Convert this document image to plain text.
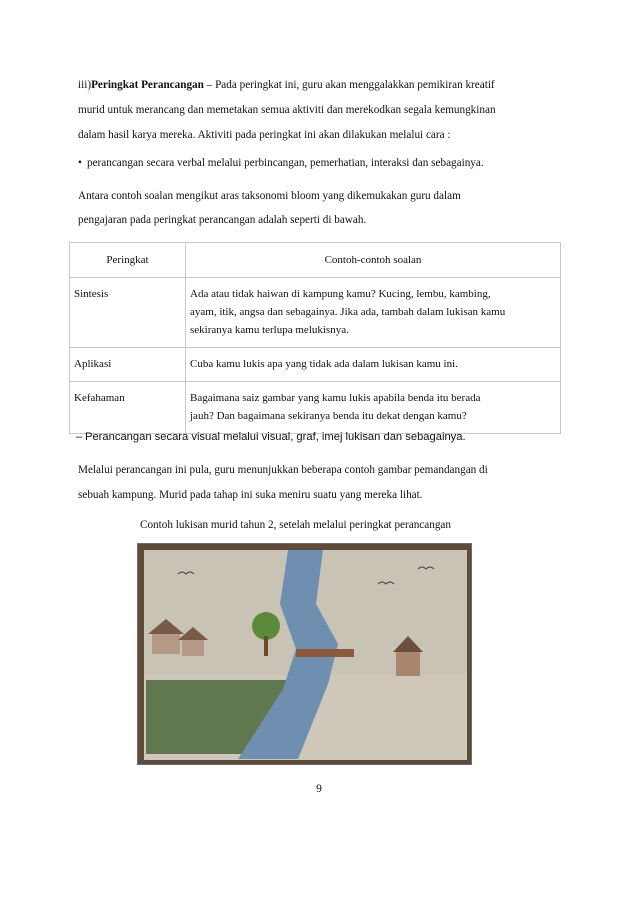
iii)Peringkat Perancangan – Pada peringkat ini, guru akan menggalakkan pemikiran kreatif
murid untuk merancang dan memetakan semua aktiviti dan merekodkan segala kemungkinan
dalam hasil karya mereka. Aktiviti pada peringkat ini akan dilakukan melalui cara :
• perancangan secara verbal melalui perbincangan, pemerhatian, interaksi dan sebagainya.
Antara contoh soalan mengikut aras taksonomi bloom yang dikemukakan guru dalam
pengajaran pada peringkat perancangan adalah seperti di bawah.
Peringkat	Contoh-contoh soalan

Sintesis	Ada atau tidak haiwan di kampung kamu? Kucing, lembu, kambing,
ayam, itik, angsa dan sebagainya. Jika ada, tambah dalam lukisan kamu
sekiranya kamu terlupa melukisnya.

Aplikasi	Cuba kamu lukis apa yang tidak ada dalam lukisan kamu ini.

Kefahaman	Bagaimana saiz gambar yang kamu lukis apabila benda itu berada
jauh? Dan bagaimana sekiranya benda itu dekat dengan kamu?
– Perancangan secara visual melalui visual, graf, imej lukisan dan sebagainya.
Melalui perancangan ini pula, guru menunjukkan beberapa contoh gambar pemandangan di
sebuah kampung. Murid pada tahap ini suka meniru suatu yang mereka lihat.
Contoh lukisan murid tahun 2, setelah melalui peringkat perancangan
9
